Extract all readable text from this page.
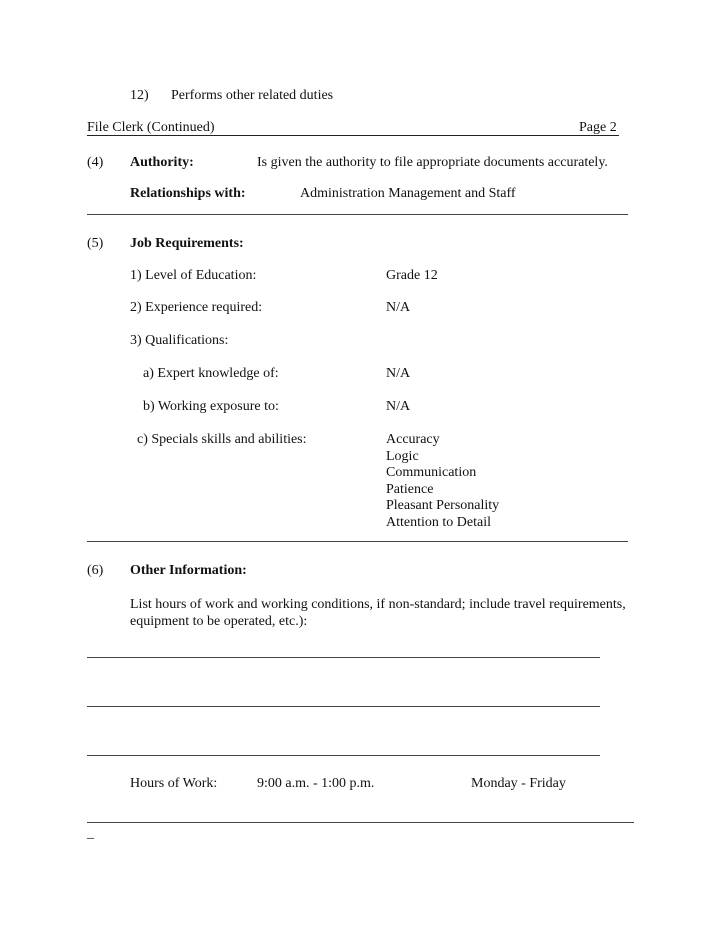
12) Performs other related duties
File Clerk (Continued)	Page 2
(4) Authority:	Is given the authority to file appropriate documents accurately.
Relationships with:	Administration Management and Staff
(5) Job Requirements:
1) Level of Education:	Grade 12
2) Experience required:	N/A
3) Qualifications:
a) Expert knowledge of:	N/A
b) Working exposure to:	N/A
c) Specials skills and abilities:	Accuracy
Logic
Communication
Patience
Pleasant Personality
Attention to Detail
(6) Other Information:
List hours of work and working conditions, if non-standard; include travel requirements,
equipment to be operated, etc.):
Hours of Work:	9:00 a.m. - 1:00 p.m.	Monday - Friday
_
